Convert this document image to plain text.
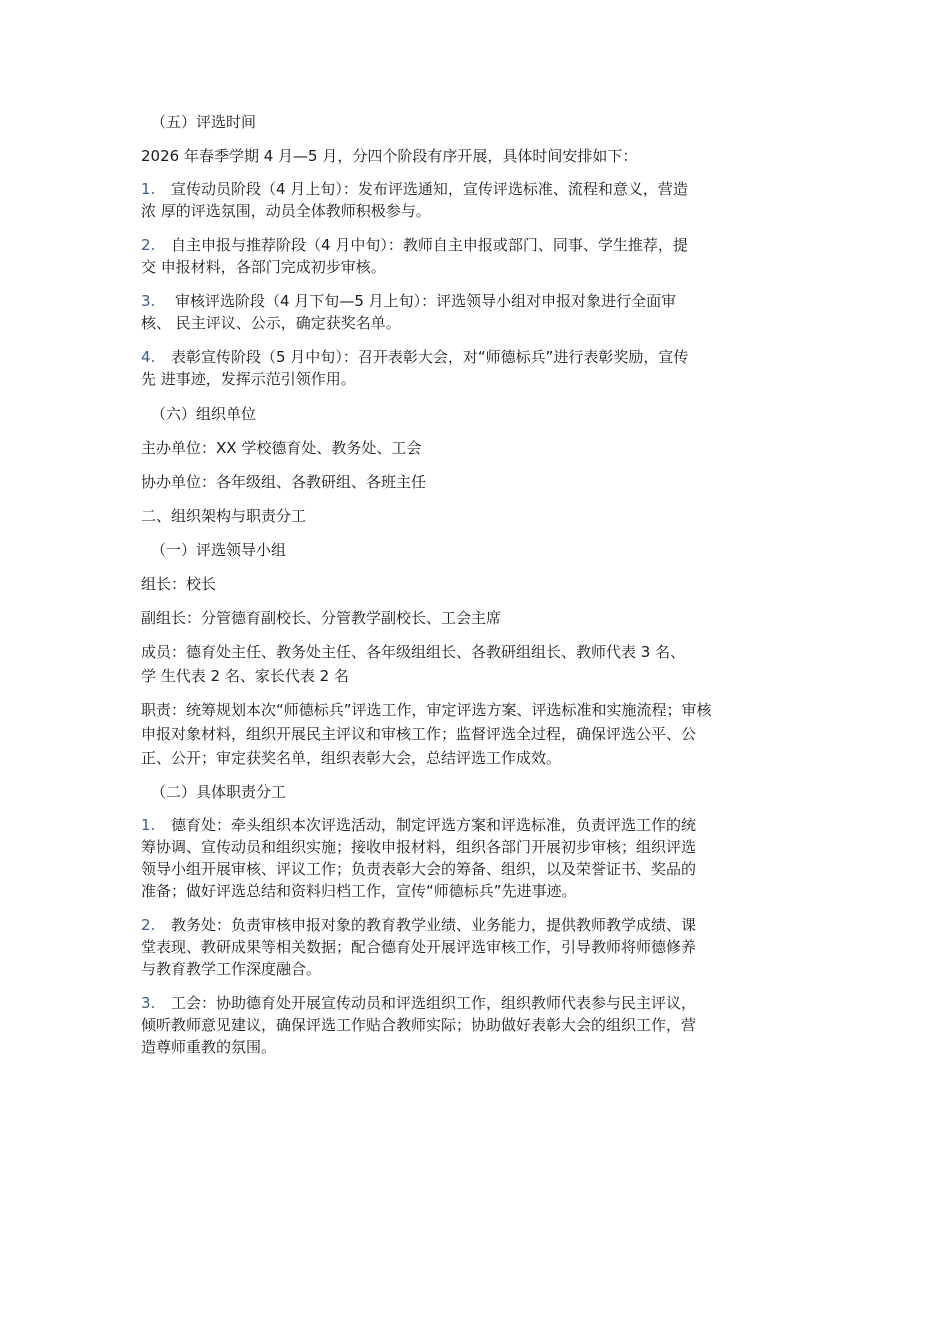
（五）评选时间

2026 年春季学期 4 月—5 月，分四个阶段有序开展，具体时间安排如下：

1. 宣传动员阶段（4 月上旬）：发布评选通知，宣传评选标准、流程和意义，营造
浓 厚的评选氛围，动员全体教师积极参与。
2. 自主申报与推荐阶段（4 月中旬）：教师自主申报或部门、同事、学生推荐，提
交 申报材料，各部门完成初步审核。
3. 审核评选阶段（4 月下旬—5 月上旬）：评选领导小组对申报对象进行全面审
核、 民主评议、公示，确定获奖名单。
4. 表彰宣传阶段（5 月中旬）：召开表彰大会，对“师德标兵”进行表彰奖励，宣传
先 进事迹，发挥示范引领作用。

（六）组织单位

主办单位：XX 学校德育处、教务处、工会

协办单位：各年级组、各教研组、各班主任

二、组织架构与职责分工

（一）评选领导小组

组长：校长

副组长：分管德育副校长、分管教学副校长、工会主席

成员：德育处主任、教务处主任、各年级组组长、各教研组组长、教师代表 3 名、
学 生代表 2 名、家长代表 2 名

职责：统筹规划本次“师德标兵”评选工作，审定评选方案、评选标准和实施流程；审核
申报对象材料，组织开展民主评议和审核工作；监督评选全过程，确保评选公平、公
正、公开；审定获奖名单，组织表彰大会，总结评选工作成效。

（二）具体职责分工

1. 德育处：牵头组织本次评选活动，制定评选方案和评选标准，负责评选工作的统
筹协调、宣传动员和组织实施；接收申报材料，组织各部门开展初步审核；组织评选
领导小组开展审核、评议工作；负责表彰大会的筹备、组织，以及荣誉证书、奖品的
准备；做好评选总结和资料归档工作，宣传“师德标兵”先进事迹。
2. 教务处：负责审核申报对象的教育教学业绩、业务能力，提供教师教学成绩、课
堂表现、教研成果等相关数据；配合德育处开展评选审核工作，引导教师将师德修养
与教育教学工作深度融合。
3. 工会：协助德育处开展宣传动员和评选组织工作，组织教师代表参与民主评议，
倾听教师意见建议，确保评选工作贴合教师实际；协助做好表彰大会的组织工作，营
造尊师重教的氛围。
